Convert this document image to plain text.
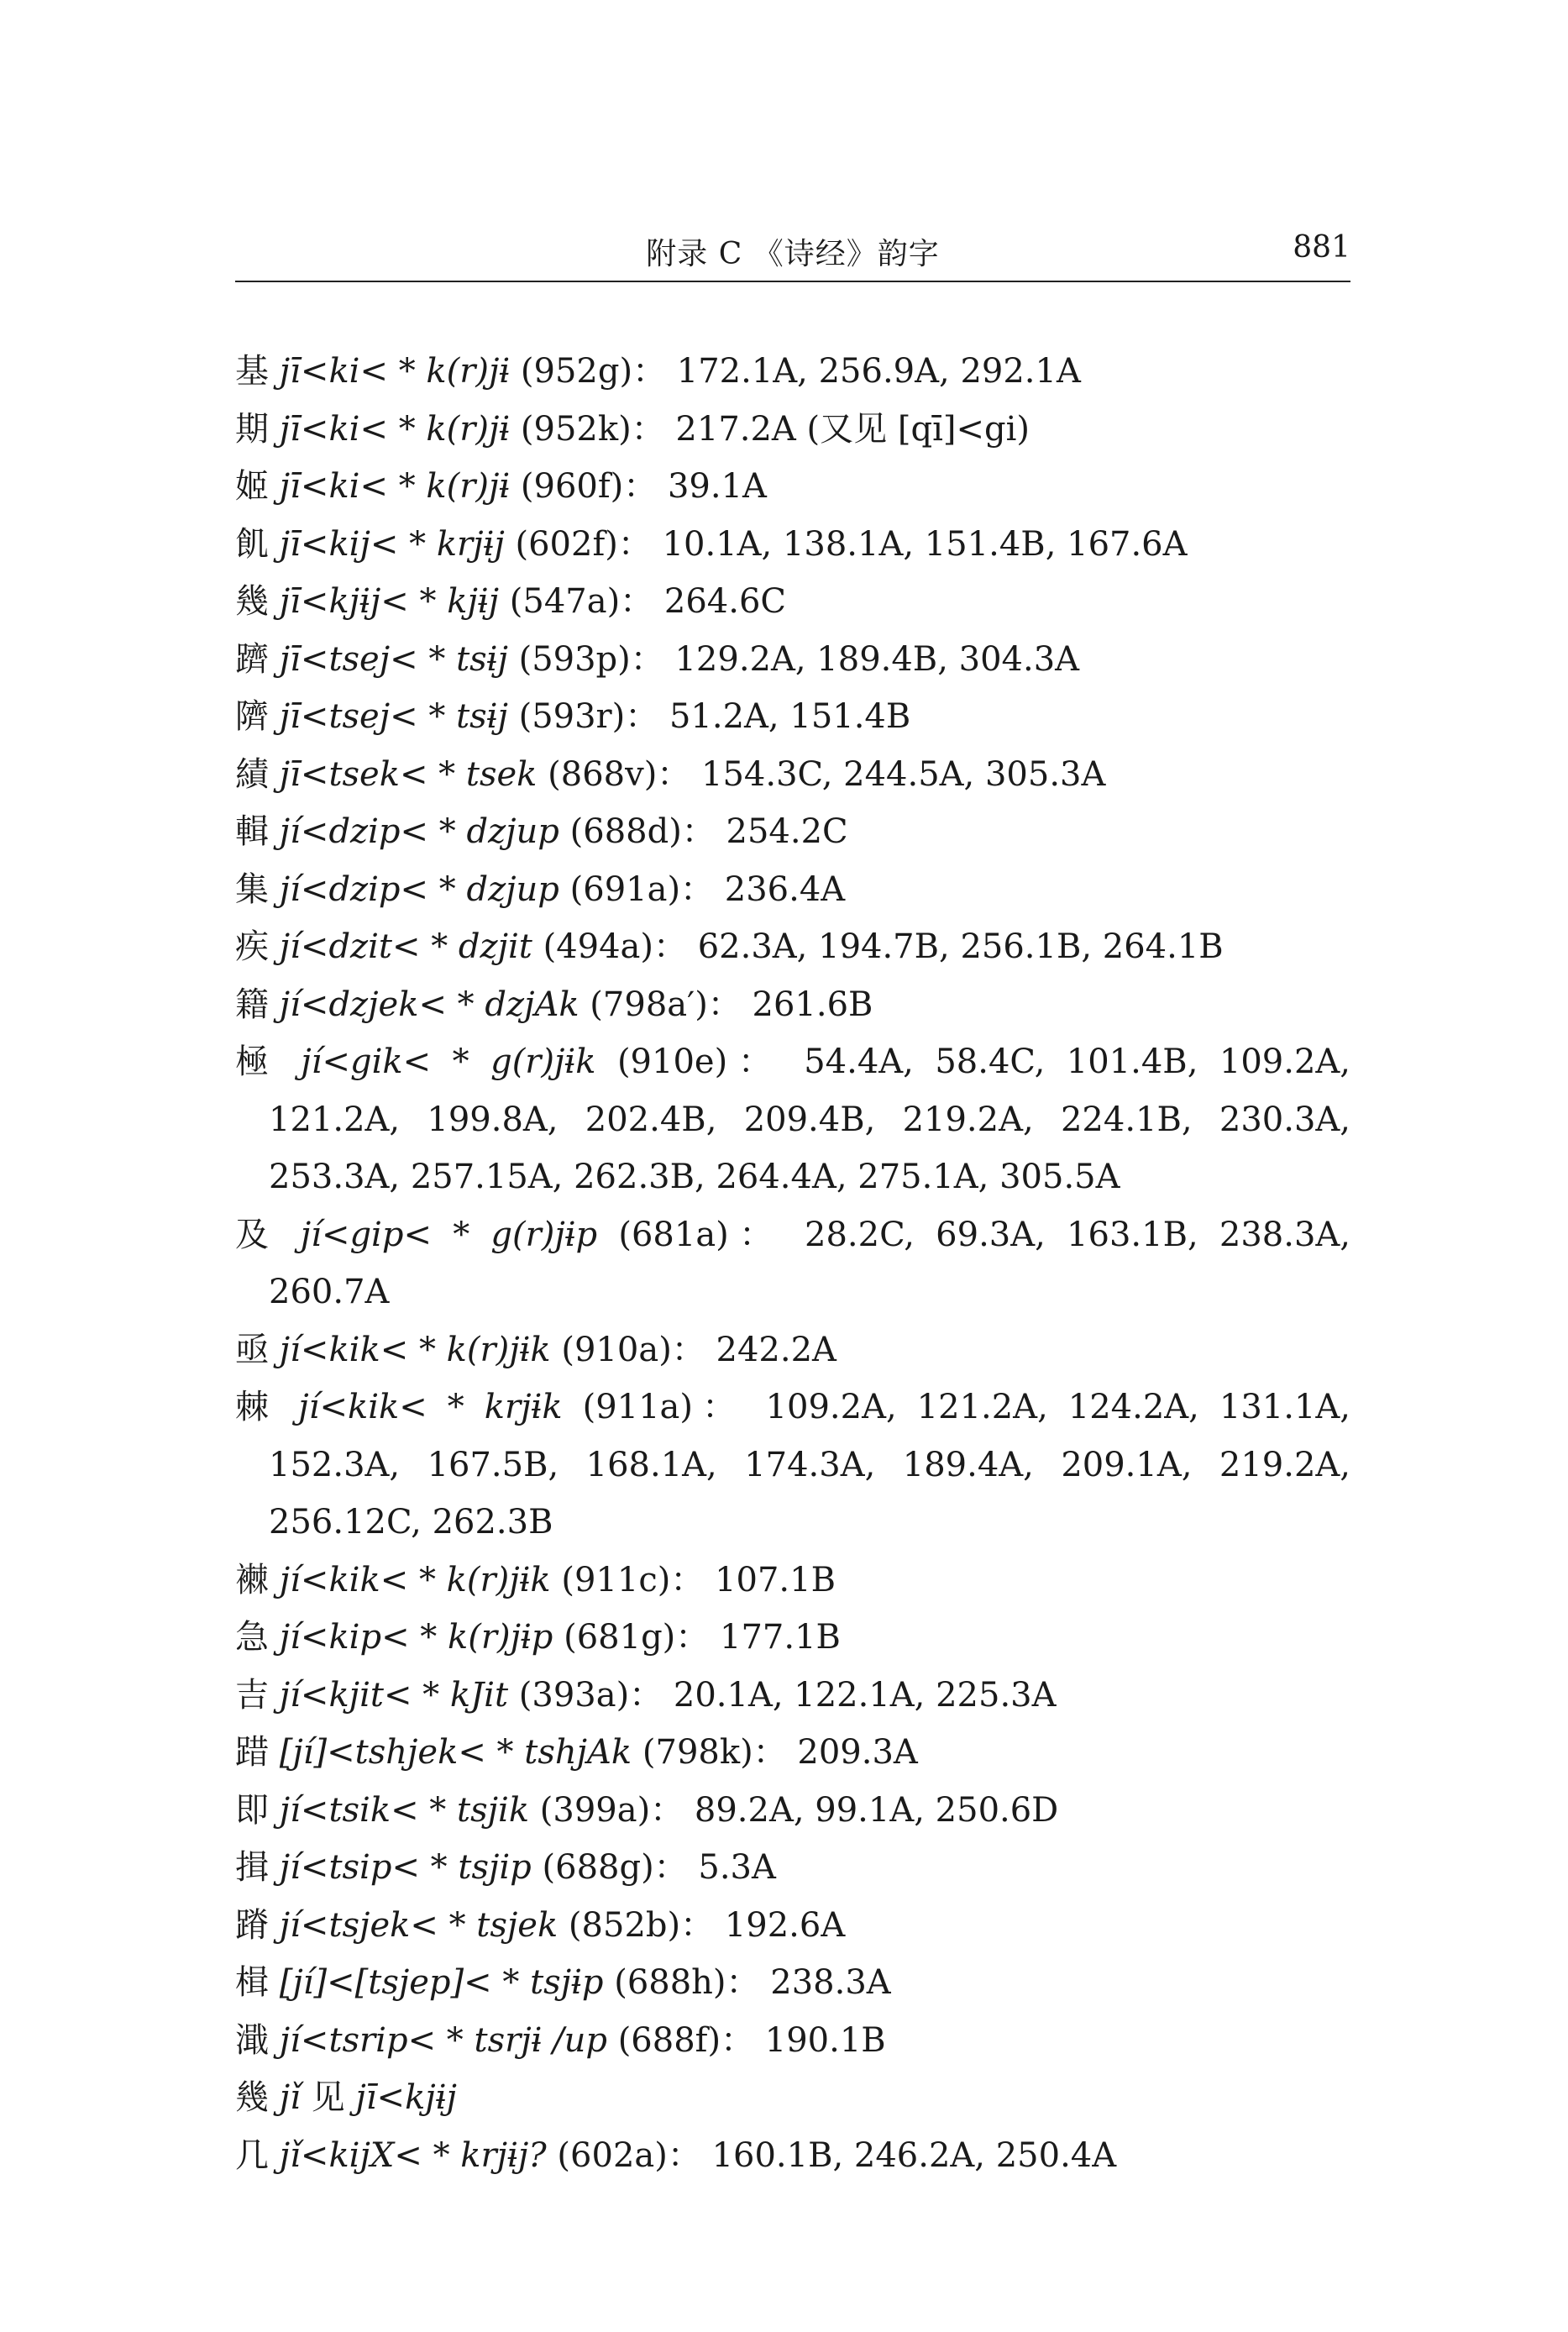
附录 C 《诗经》韵字	881

基 jī<ki< * k(r)jɨ (952g)： 172.1A, 256.9A, 292.1A

期 jī<ki< * k(r)jɨ (952k)： 217.2A (又见 [qī]<gi)

姬 jī<ki< * k(r)jɨ (960f)： 39.1A

飢 jī<kij< * krjɨj (602f)： 10.1A, 138.1A, 151.4B, 167.6A

幾 jī<kjɨj< * kjɨj (547a)： 264.6C

躋 jī<tsej< * tsɨj (593p)： 129.2A, 189.4B, 304.3A

隮 jī<tsej< * tsɨj (593r)： 51.2A, 151.4B

績 jī<tsek< * tsek (868v)： 154.3C, 244.5A, 305.3A

輯 jí<dzip< * dzjup (688d)： 254.2C

集 jí<dzip< * dzjup (691a)： 236.4A

疾 jí<dzit< * dzjit (494a)： 62.3A, 194.7B, 256.1B, 264.1B

籍 jí<dzjek< * dzjAk (798a′)： 261.6B

極 jí<gik< * g(r)jɨk (910e)： 54.4A, 58.4C, 101.4B, 109.2A, 121.2A, 199.8A, 202.4B, 209.4B, 219.2A, 224.1B, 230.3A, 253.3A, 257.15A, 262.3B, 264.4A, 275.1A, 305.5A

及 jí<gip< * g(r)jɨp (681a)： 28.2C, 69.3A, 163.1B, 238.3A, 260.7A

亟 jí<kik< * k(r)jɨk (910a)： 242.2A

棘 jí<kik< * krjɨk (911a)： 109.2A, 121.2A, 124.2A, 131.1A, 152.3A, 167.5B, 168.1A, 174.3A, 189.4A, 209.1A, 219.2A, 256.12C, 262.3B

襋 jí<kik< * k(r)jɨk (911c)： 107.1B

急 jí<kip< * k(r)jɨp (681g)： 177.1B

吉 jí<kjit< * kJit (393a)： 20.1A, 122.1A, 225.3A

踖 [jí]<tshjek< * tshjAk (798k)： 209.3A

即 jí<tsik< * tsjik (399a)： 89.2A, 99.1A, 250.6D

揖 jí<tsip< * tsjip (688g)： 5.3A

蹐 jí<tsjek< * tsjek (852b)： 192.6A

楫 [jí]<[tsjep]< * tsjɨp (688h)： 238.3A

濈 jí<tsrip< * tsrjɨ /up (688f)： 190.1B

幾 jǐ 见 jī<kjɨj

几 jǐ<kijX< * krjɨj? (602a)： 160.1B, 246.2A, 250.4A
